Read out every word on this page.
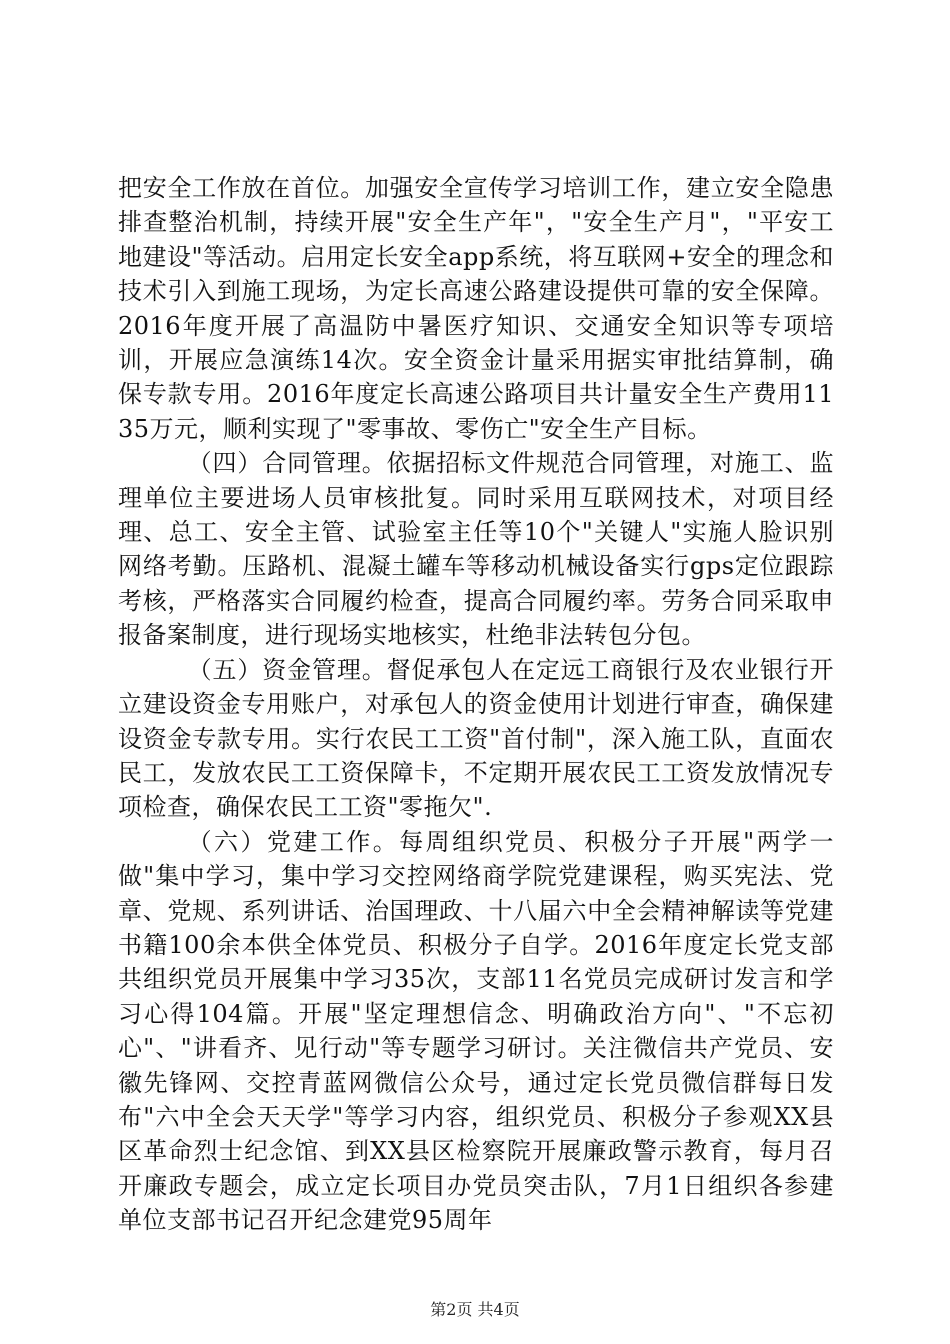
把安全工作放在首位。加强安全宣传学习培训工作，建立安全隐患排查整治机制，持续开展"安全生产年"，"安全生产月"，"平安工地建设"等活动。启用定长安全app系统，将互联网+安全的理念和技术引入到施工现场，为定长高速公路建设提供可靠的安全保障。2016年度开展了高温防中暑医疗知识、交通安全知识等专项培训，开展应急演练14次。安全资金计量采用据实审批结算制，确保专款专用。2016年度定长高速公路项目共计量安全生产费用1135万元，顺利实现了"零事故、零伤亡"安全生产目标。

（四）合同管理。依据招标文件规范合同管理，对施工、监理单位主要进场人员审核批复。同时采用互联网技术，对项目经理、总工、安全主管、试验室主任等10个"关键人"实施人脸识别网络考勤。压路机、混凝土罐车等移动机械设备实行gps定位跟踪考核，严格落实合同履约检查，提高合同履约率。劳务合同采取申报备案制度，进行现场实地核实，杜绝非法转包分包。

（五）资金管理。督促承包人在定远工商银行及农业银行开立建设资金专用账户，对承包人的资金使用计划进行审查，确保建设资金专款专用。实行农民工工资"首付制"，深入施工队，直面农民工，发放农民工工资保障卡，不定期开展农民工工资发放情况专项检查，确保农民工工资"零拖欠".

（六）党建工作。每周组织党员、积极分子开展"两学一做"集中学习，集中学习交控网络商学院党建课程，购买宪法、党章、党规、系列讲话、治国理政、十八届六中全会精神解读等党建书籍100余本供全体党员、积极分子自学。2016年度定长党支部共组织党员开展集中学习35次，支部11名党员完成研讨发言和学习心得104篇。开展"坚定理想信念、明确政治方向"、"不忘初心"、"讲看齐、见行动"等专题学习研讨。关注微信共产党员、安徽先锋网、交控青蓝网微信公众号，通过定长党员微信群每日发布"六中全会天天学"等学习内容，组织党员、积极分子参观XX县区革命烈士纪念馆、到XX县区检察院开展廉政警示教育，每月召开廉政专题会，成立定长项目办党员突击队，7月1日组织各参建单位支部书记召开纪念建党95周年

第2页 共4页
